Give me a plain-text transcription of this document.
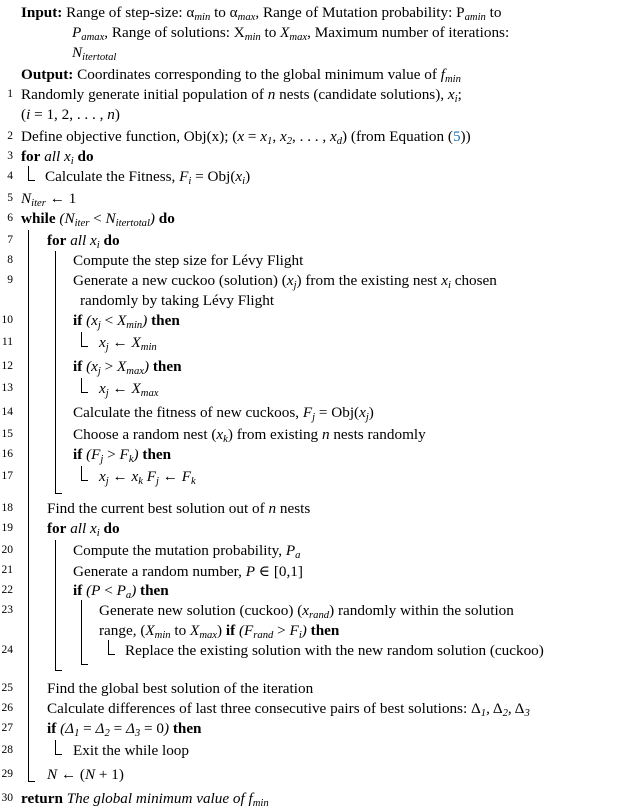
Input: Range of step-size: $\alpha_{min}$ to $\alpha_{max}$, Range of Mutation probability: $P_{amin}$ to
$P_{amax}$, Range of solutions: $X_{min}$ to $X_{max}$, Maximum number of iterations:
$N_{itertotal}$
Output: Coordinates corresponding to the global minimum value of $f_{min}$
1
2
3
4
5
6
7
8
9
10
11
12
13
14
15
16
17
18
19
20
21
22
23
24
25
26
27
28
29
30
Randomly generate initial population of n nests (candidate solutions), $x_i$;
(i = 1, 2, . . . , n)
Define objective function, Obj(x); ($x = x_1$, $x_2$, . . . , $x_d$) (from Equation (5))
for all $x_i$ do
Calculate the Fitness, $F_i = Obj(x_i)$
$N_{iter}$ ← 1
while $(N_{iter} < N_{itertotal})$ do
for all $x_i$ do
Compute the step size for Lévy Flight
Generate a new cuckoo (solution) $(x_j)$ from the existing nest $x_i$ chosen
randomly by taking Lévy Flight
if $(x_j < X_{min})$ then
$x_j$ ← $X_{min}$
if $(x_j > X_{max})$ then
$x_j$ ← $X_{max}$
Calculate the fitness of new cuckoos, $F_j = Obj(x_j)$
Choose a random nest $(x_k)$ from existing n nests randomly
if $(F_j > F_k)$ then
$x_j$ ← $x_k$ $F_j$ ← $F_k$
Find the current best solution out of n nests
for all $x_i$ do
Compute the mutation probability, $P_a$
Generate a random number, P ∈ [0,1]
if $(P < P_a)$ then
Generate new solution (cuckoo) $(x_{rand})$ randomly within the solution
range, ($X_{min}$ to $X_{max}$) if $(F_{rand} > F_i)$ then
Replace the existing solution with the new random solution (cuckoo)
Find the global best solution of the iteration
Calculate differences of last three consecutive pairs of best solutions: $\Delta_1$, $\Delta_2$, $\Delta_3$
if $(\Delta_1 = \Delta_2 = \Delta_3 = 0)$ then
Exit the while loop
N ← (N + 1)
return The global minimum value of $f_{min}$
